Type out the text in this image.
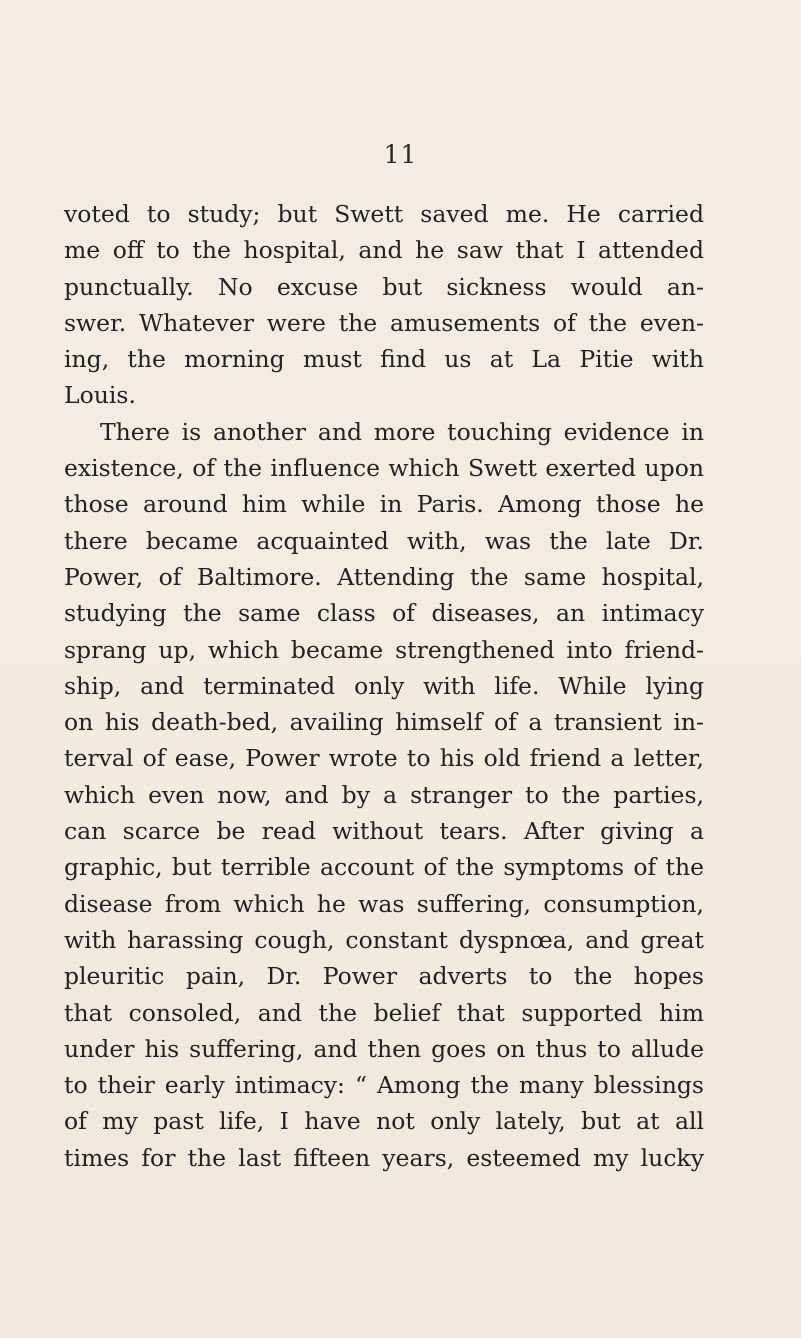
11
voted to study; but Swett saved me. He carried
me off to the hospital, and he saw that I attended
punctually. No excuse but sickness would an-
swer. Whatever were the amusements of the even-
ing, the morning must find us at La Pitie with
Louis.
There is another and more touching evidence in
existence, of the influence which Swett exerted upon
those around him while in Paris. Among those he
there became acquainted with, was the late Dr.
Power, of Baltimore. Attending the same hospital,
studying the same class of diseases, an intimacy
sprang up, which became strengthened into friend-
ship, and terminated only with life. While lying
on his death-bed, availing himself of a transient in-
terval of ease, Power wrote to his old friend a letter,
which even now, and by a stranger to the parties,
can scarce be read without tears. After giving a
graphic, but terrible account of the symptoms of the
disease from which he was suffering, consumption,
with harassing cough, constant dyspnœa, and great
pleuritic pain, Dr. Power adverts to the hopes
that consoled, and the belief that supported him
under his suffering, and then goes on thus to allude
to their early intimacy: “ Among the many blessings
of my past life, I have not only lately, but at all
times for the last fifteen years, esteemed my lucky
